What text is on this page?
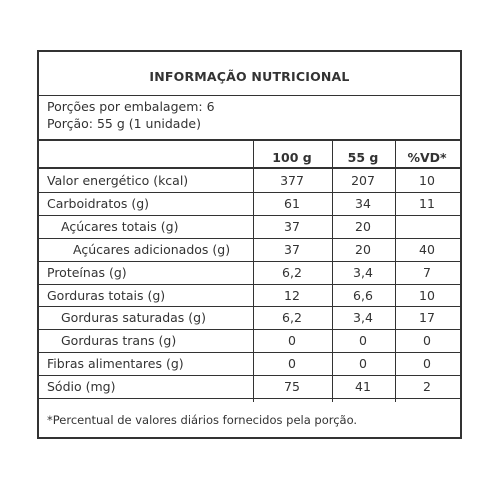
INFORMAÇÃO NUTRICIONAL
Porções por embalagem: 6
Porção: 55 g (1 unidade)
100 g	55 g	%VD*
Valor energético (kcal)	377	207	10
Carboidratos (g)	61	34	11
Açúcares totais (g)	37	20
Açúcares adicionados (g)	37	20	40
Proteínas (g)	6,2	3,4	7
Gorduras totais (g)	12	6,6	10
Gorduras saturadas (g)	6,2	3,4	17
Gorduras trans (g)	0	0	0
Fibras alimentares (g)	0	0	0
Sódio (mg)	75	41	2
*Percentual de valores diários fornecidos pela porção.
